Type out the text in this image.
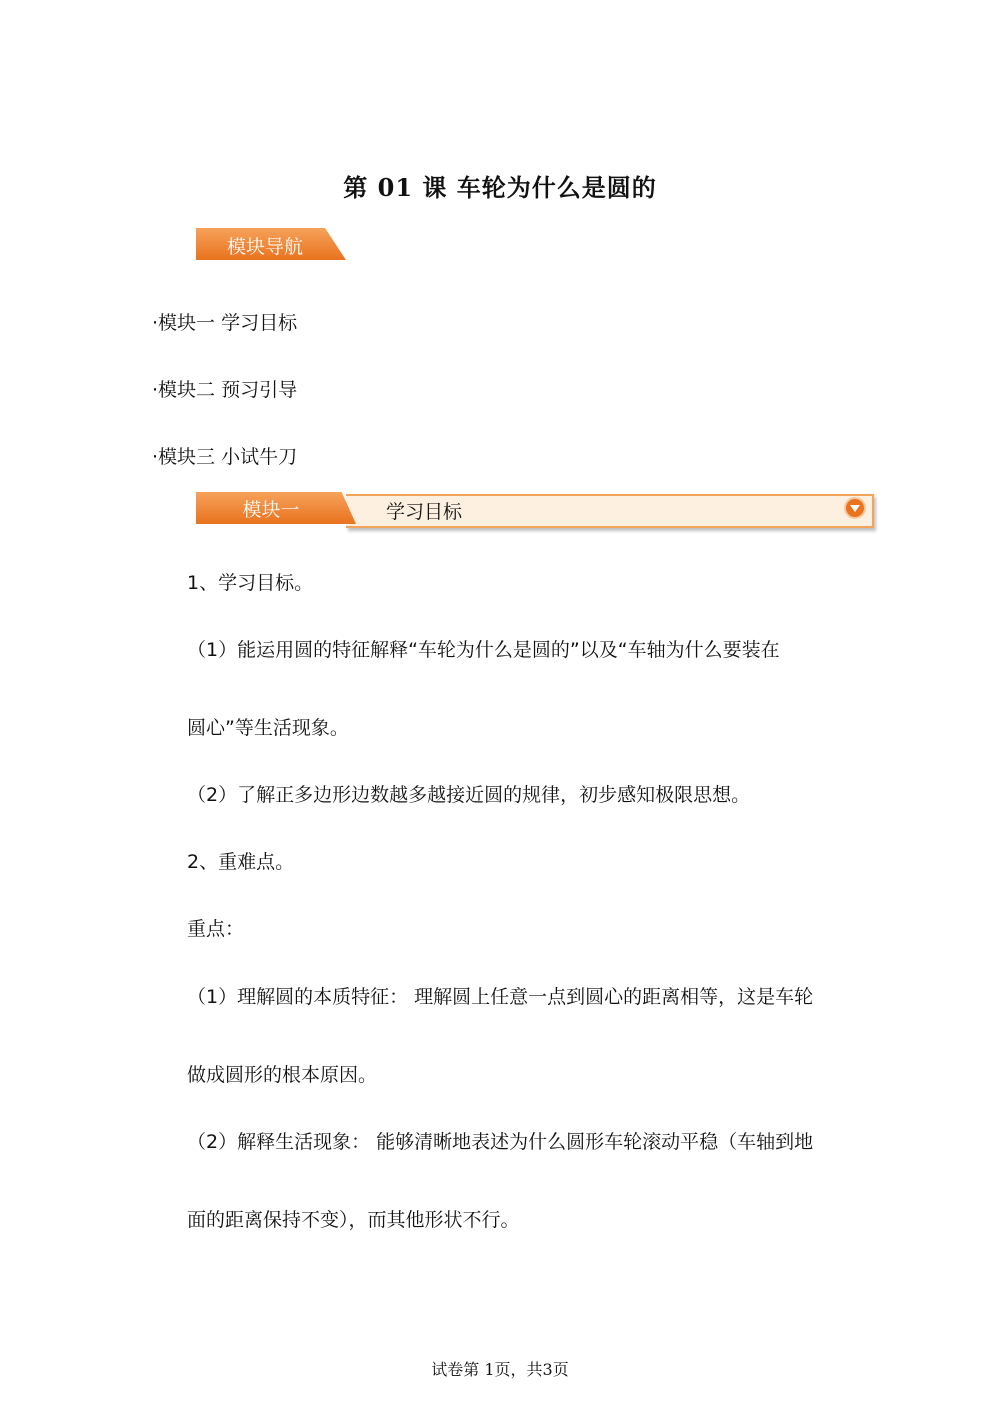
第 01 课 车轮为什么是圆的
模块导航
·模块一 学习目标
·模块二 预习引导
·模块三 小试牛刀
模块一	学习目标
1、学习目标。
（1）能运用圆的特征解释“车轮为什么是圆的”以及“车轴为什么要装在
圆心”等生活现象。
（2）了解正多边形边数越多越接近圆的规律，初步感知极限思想。
2、重难点。
重点：
（1）理解圆的本质特征： 理解圆上任意一点到圆心的距离相等，这是车轮
做成圆形的根本原因。
（2）解释生活现象： 能够清晰地表述为什么圆形车轮滚动平稳（车轴到地
面的距离保持不变），而其他形状不行。
试卷第 1页，共3页
